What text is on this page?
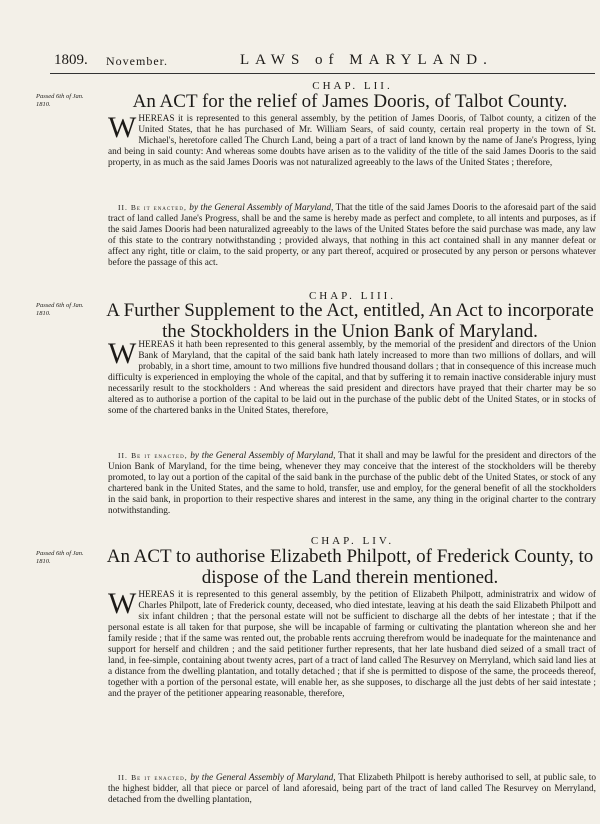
1809. November.	LAWS of MARYLAND.
CHAP. LII.
Passed 6th of Jan. 1810.	An ACT for the relief of James Dooris, of Talbot County.
WHEREAS it is represented to this general assembly, by the petition of James Dooris, of Talbot county, a citizen of the United States, that he has purchased of Mr. William Sears, of said county, certain real property in the town of St. Michael's, heretofore called The Church Land, being a part of a tract of land known by the name of Jane's Progress, lying and being in said county: And whereas some doubts have arisen as to the validity of the title of the said James Dooris to the said property, in as much as the said James Dooris was not naturalized agreeably to the laws of the United States ; therefore,
II. Be it enacted, by the General Assembly of Maryland, That the title of the said James Dooris to the aforesaid part of the said tract of land called Jane's Progress, shall be and the same is hereby made as perfect and complete, to all intents and purposes, as if the said James Dooris had been naturalized agreeably to the laws of the United States before the said purchase was made, any law of this state to the contrary notwithstanding ; provided always, that nothing in this act contained shall in any manner defeat or affect any right, title or claim, to the said property, or any part thereof, acquired or prosecuted by any person or persons whatever before the passage of this act.
CHAP. LIII.
Passed 6th of Jan. 1810.	A Further Supplement to the Act, entitled, An Act to incorporate the Stockholders in the Union Bank of Maryland.
WHEREAS it hath been represented to this general assembly, by the memorial of the president and directors of the Union Bank of Maryland, that the capital of the said bank hath lately increased to more than two millions of dollars, and will probably, in a short time, amount to two millions five hundred thousand dollars ; that in consequence of this increase much difficulty is experienced in employing the whole of the capital, and that by suffering it to remain inactive considerable injury must necessarily result to the stockholders : And whereas the said president and directors have prayed that their charter may be so altered as to authorise a portion of the capital to be laid out in the purchase of the public debt of the United States, or in stocks of some of the chartered banks in the United States, therefore,
II. Be it enacted, by the General Assembly of Maryland, That it shall and may be lawful for the president and directors of the Union Bank of Maryland, for the time being, whenever they may conceive that the interest of the stockholders will be thereby promoted, to lay out a portion of the capital of the said bank in the purchase of the public debt of the United States, or stock of any chartered bank in the United States, and the same to hold, transfer, use and employ, for the general benefit of all the stockholders in the said bank, in proportion to their respective shares and interest in the same, any thing in the original charter to the contrary notwithstanding.
CHAP. LIV.
Passed 6th of Jan. 1810.	An ACT to authorise Elizabeth Philpott, of Frederick County, to dispose of the Land therein mentioned.
WHEREAS it is represented to this general assembly, by the petition of Elizabeth Philpott, administratrix and widow of Charles Philpott, late of Frederick county, deceased, who died intestate, leaving at his death the said Elizabeth Philpott and six infant children ; that the personal estate will not be sufficient to discharge all the debts of her intestate ; that if the personal estate is all taken for that purpose, she will be incapable of farming or cultivating the plantation whereon she and her family reside ; that if the same was rented out, the probable rents accruing therefrom would be inadequate for the maintenance and support for herself and children ; and the said petitioner further represents, that her late husband died seized of a small tract of land, in fee-simple, containing about twenty acres, part of a tract of land called The Resurvey on Merryland, which said land lies at a distance from the dwelling plantation, and totally detached ; that if she is permitted to dispose of the same, the proceeds thereof, together with a portion of the personal estate, will enable her, as she supposes, to discharge all the just debts of her said intestate ; and the prayer of the petitioner appearing reasonable, therefore,
II. Be it enacted, by the General Assembly of Maryland, That Elizabeth Philpott is hereby authorised to sell, at public sale, to the highest bidder, all that piece or parcel of land aforesaid, being part of the tract of land called The Resurvey on Merryland, detached from the dwelling plantation,
